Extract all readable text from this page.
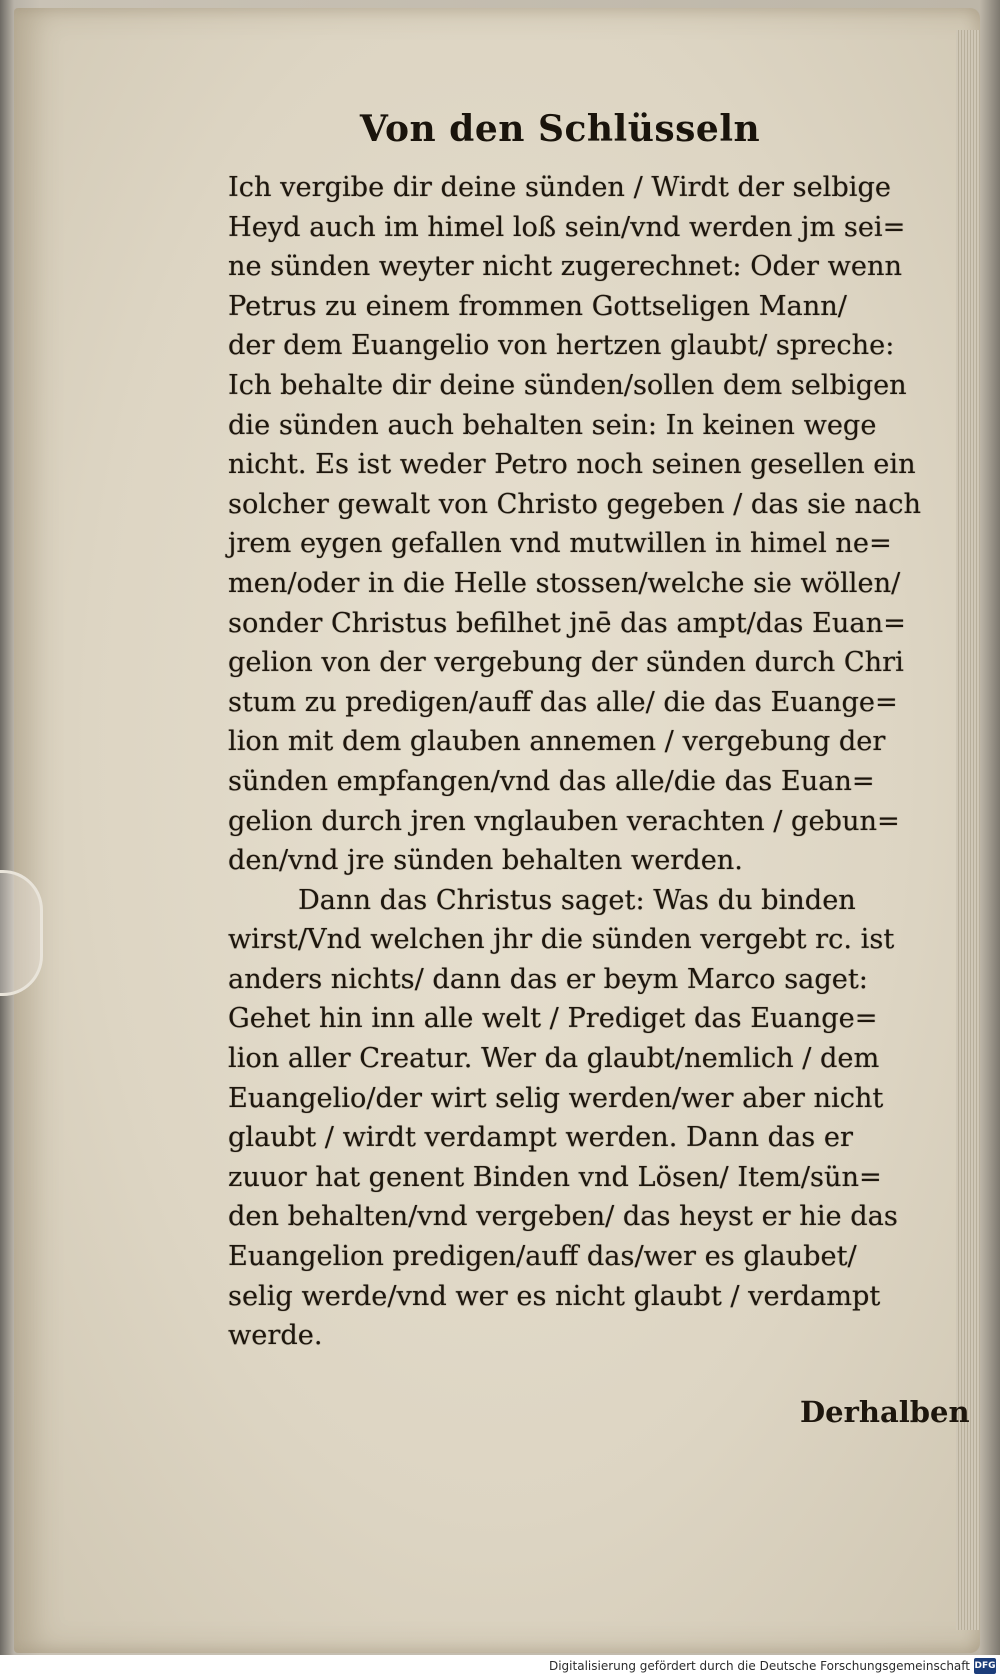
Von den Schlüsseln
Ich vergibe dir deine sünden / Wirdt der selbige
Heyd auch im himel loß sein/vnd werden jm sei=
ne sünden weyter nicht zugerechnet: Oder wenn
Petrus zu einem frommen Gottseligen Mann/
der dem Euangelio von hertzen glaubt/ spreche:
Ich behalte dir deine sünden/sollen dem selbigen
die sünden auch behalten sein: In keinen wege
nicht. Es ist weder Petro noch seinen gesellen ein
solcher gewalt von Christo gegeben / das sie nach
jrem eygen gefallen vnd mutwillen in himel ne=
men/oder in die Helle stossen/welche sie wöllen/
sonder Christus befilhet jnē das ampt/das Euan=
gelion von der vergebung der sünden durch Chri
stum zu predigen/auff das alle/ die das Euange=
lion mit dem glauben annemen / vergebung der
sünden empfangen/vnd das alle/die das Euan=
gelion durch jren vnglauben verachten / gebun=
den/vnd jre sünden behalten werden.
Dann das Christus saget: Was du binden
wirst/Vnd welchen jhr die sünden vergebt rc. ist
anders nichts/ dann das er beym Marco saget:
Gehet hin inn alle welt / Prediget das Euange=
lion aller Creatur. Wer da glaubt/nemlich / dem
Euangelio/der wirt selig werden/wer aber nicht
glaubt / wirdt verdampt werden. Dann das er
zuuor hat genent Binden vnd Lösen/ Item/sün=
den behalten/vnd vergeben/ das heyst er hie das
Euangelion predigen/auff das/wer es glaubet/
selig werde/vnd wer es nicht glaubt / verdampt
werde.
Derhalben
Digitalisierung gefördert durch die Deutsche Forschungsgemeinschaft DFG
